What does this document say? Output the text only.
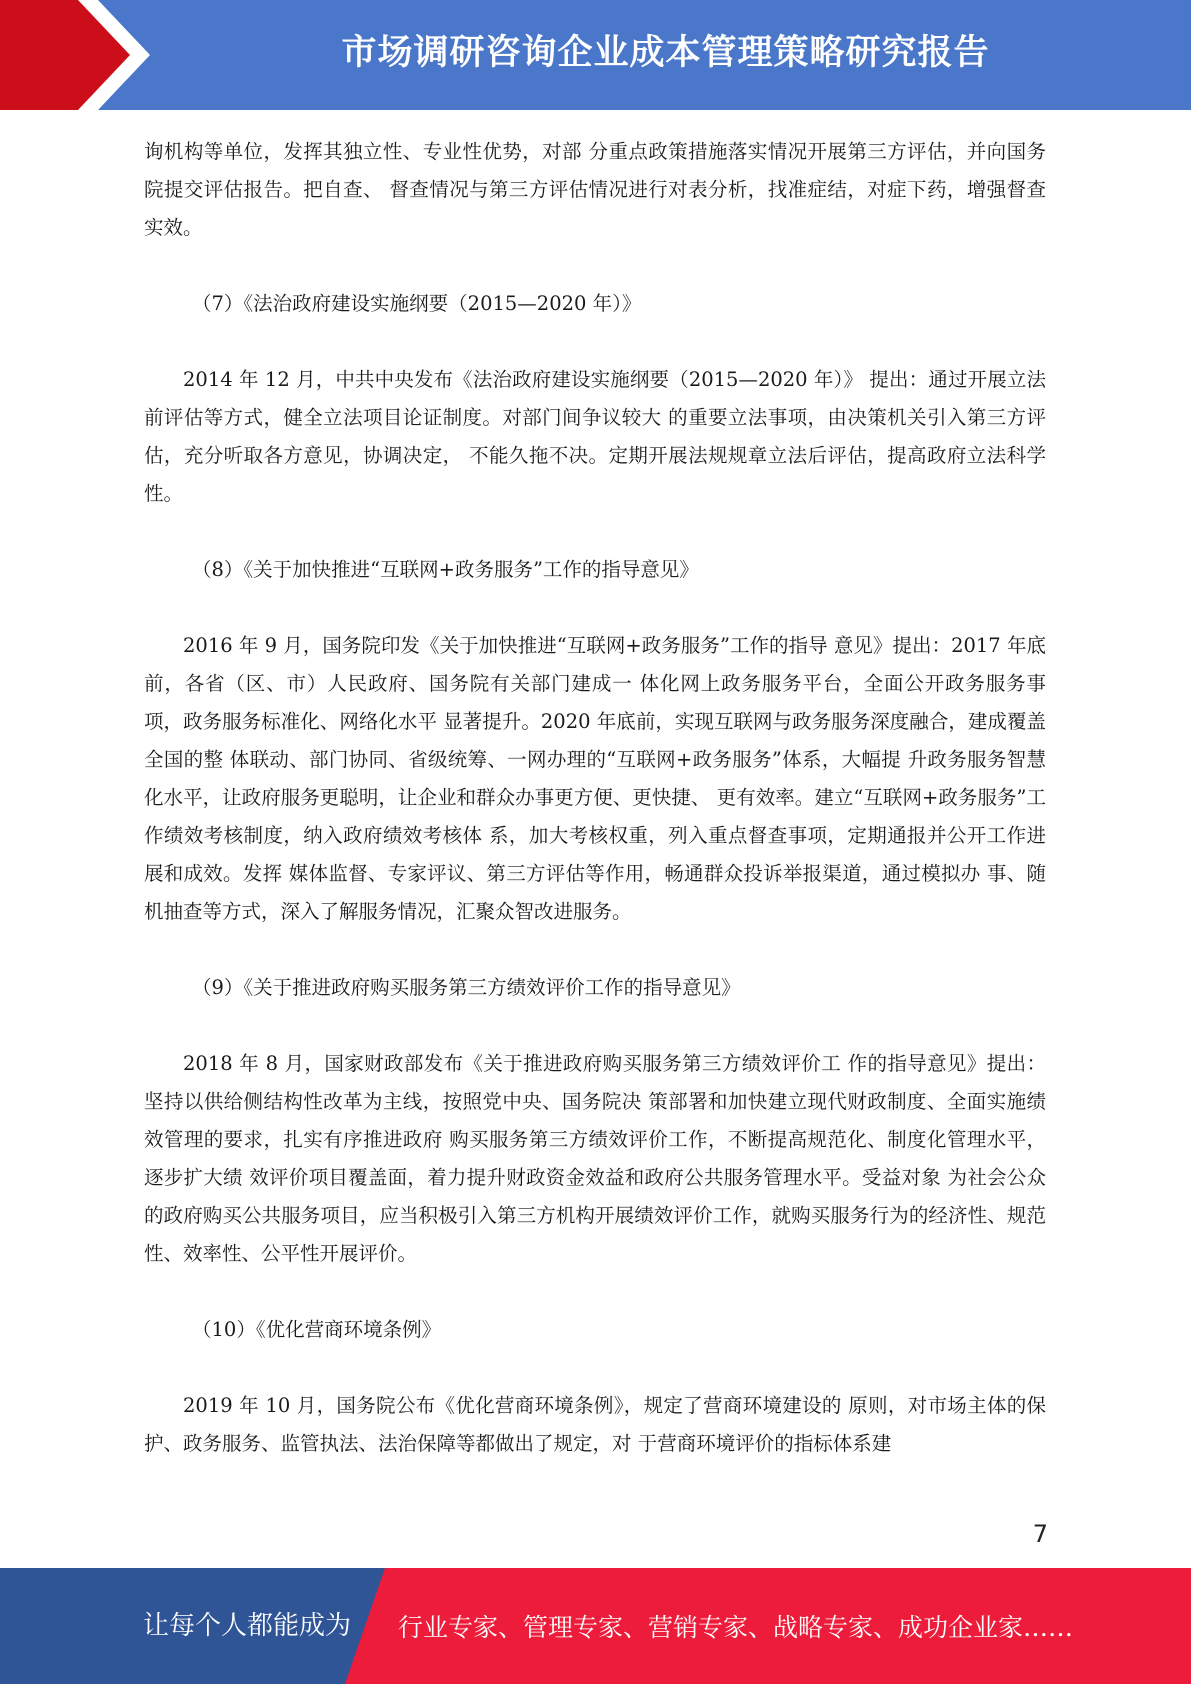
市场调研咨询企业成本管理策略研究报告

询机构等单位，发挥其独立性、专业性优势，对部 分重点政策措施落实情况开展第三方评估，并向国务院提交评估报告。把自查、 督查情况与第三方评估情况进行对表分析，找准症结，对症下药，增强督查实效。

（7）《法治政府建设实施纲要（2015—2020 年）》

2014 年 12 月，中共中央发布《法治政府建设实施纲要（2015—2020 年）》 提出：通过开展立法前评估等方式，健全立法项目论证制度。对部门间争议较大 的重要立法事项，由决策机关引入第三方评估，充分听取各方意见，协调决定， 不能久拖不决。定期开展法规规章立法后评估，提高政府立法科学性。

（8）《关于加快推进“互联网+政务服务”工作的指导意见》

2016 年 9 月，国务院印发《关于加快推进“互联网+政务服务”工作的指导 意见》提出：2017 年底前，各省（区、市）人民政府、国务院有关部门建成一 体化网上政务服务平台，全面公开政务服务事项，政务服务标准化、网络化水平 显著提升。2020 年底前，实现互联网与政务服务深度融合，建成覆盖全国的整 体联动、部门协同、省级统筹、一网办理的“互联网+政务服务”体系，大幅提 升政务服务智慧化水平，让政府服务更聪明，让企业和群众办事更方便、更快捷、 更有效率。建立“互联网+政务服务”工作绩效考核制度，纳入政府绩效考核体 系，加大考核权重，列入重点督查事项，定期通报并公开工作进展和成效。发挥 媒体监督、专家评议、第三方评估等作用，畅通群众投诉举报渠道，通过模拟办 事、随机抽查等方式，深入了解服务情况，汇聚众智改进服务。

（9）《关于推进政府购买服务第三方绩效评价工作的指导意见》

2018 年 8 月，国家财政部发布《关于推进政府购买服务第三方绩效评价工 作的指导意见》提出：坚持以供给侧结构性改革为主线，按照党中央、国务院决 策部署和加快建立现代财政制度、全面实施绩效管理的要求，扎实有序推进政府 购买服务第三方绩效评价工作，不断提高规范化、制度化管理水平，逐步扩大绩 效评价项目覆盖面，着力提升财政资金效益和政府公共服务管理水平。受益对象 为社会公众的政府购买公共服务项目，应当积极引入第三方机构开展绩效评价工作，就购买服务行为的经济性、规范性、效率性、公平性开展评价。

（10）《优化营商环境条例》

2019 年 10 月，国务院公布《优化营商环境条例》，规定了营商环境建设的 原则，对市场主体的保护、政务服务、监管执法、法治保障等都做出了规定，对 于营商环境评价的指标体系建

7
让每个人都能成为 行业专家、管理专家、营销专家、战略专家、成功企业家……
